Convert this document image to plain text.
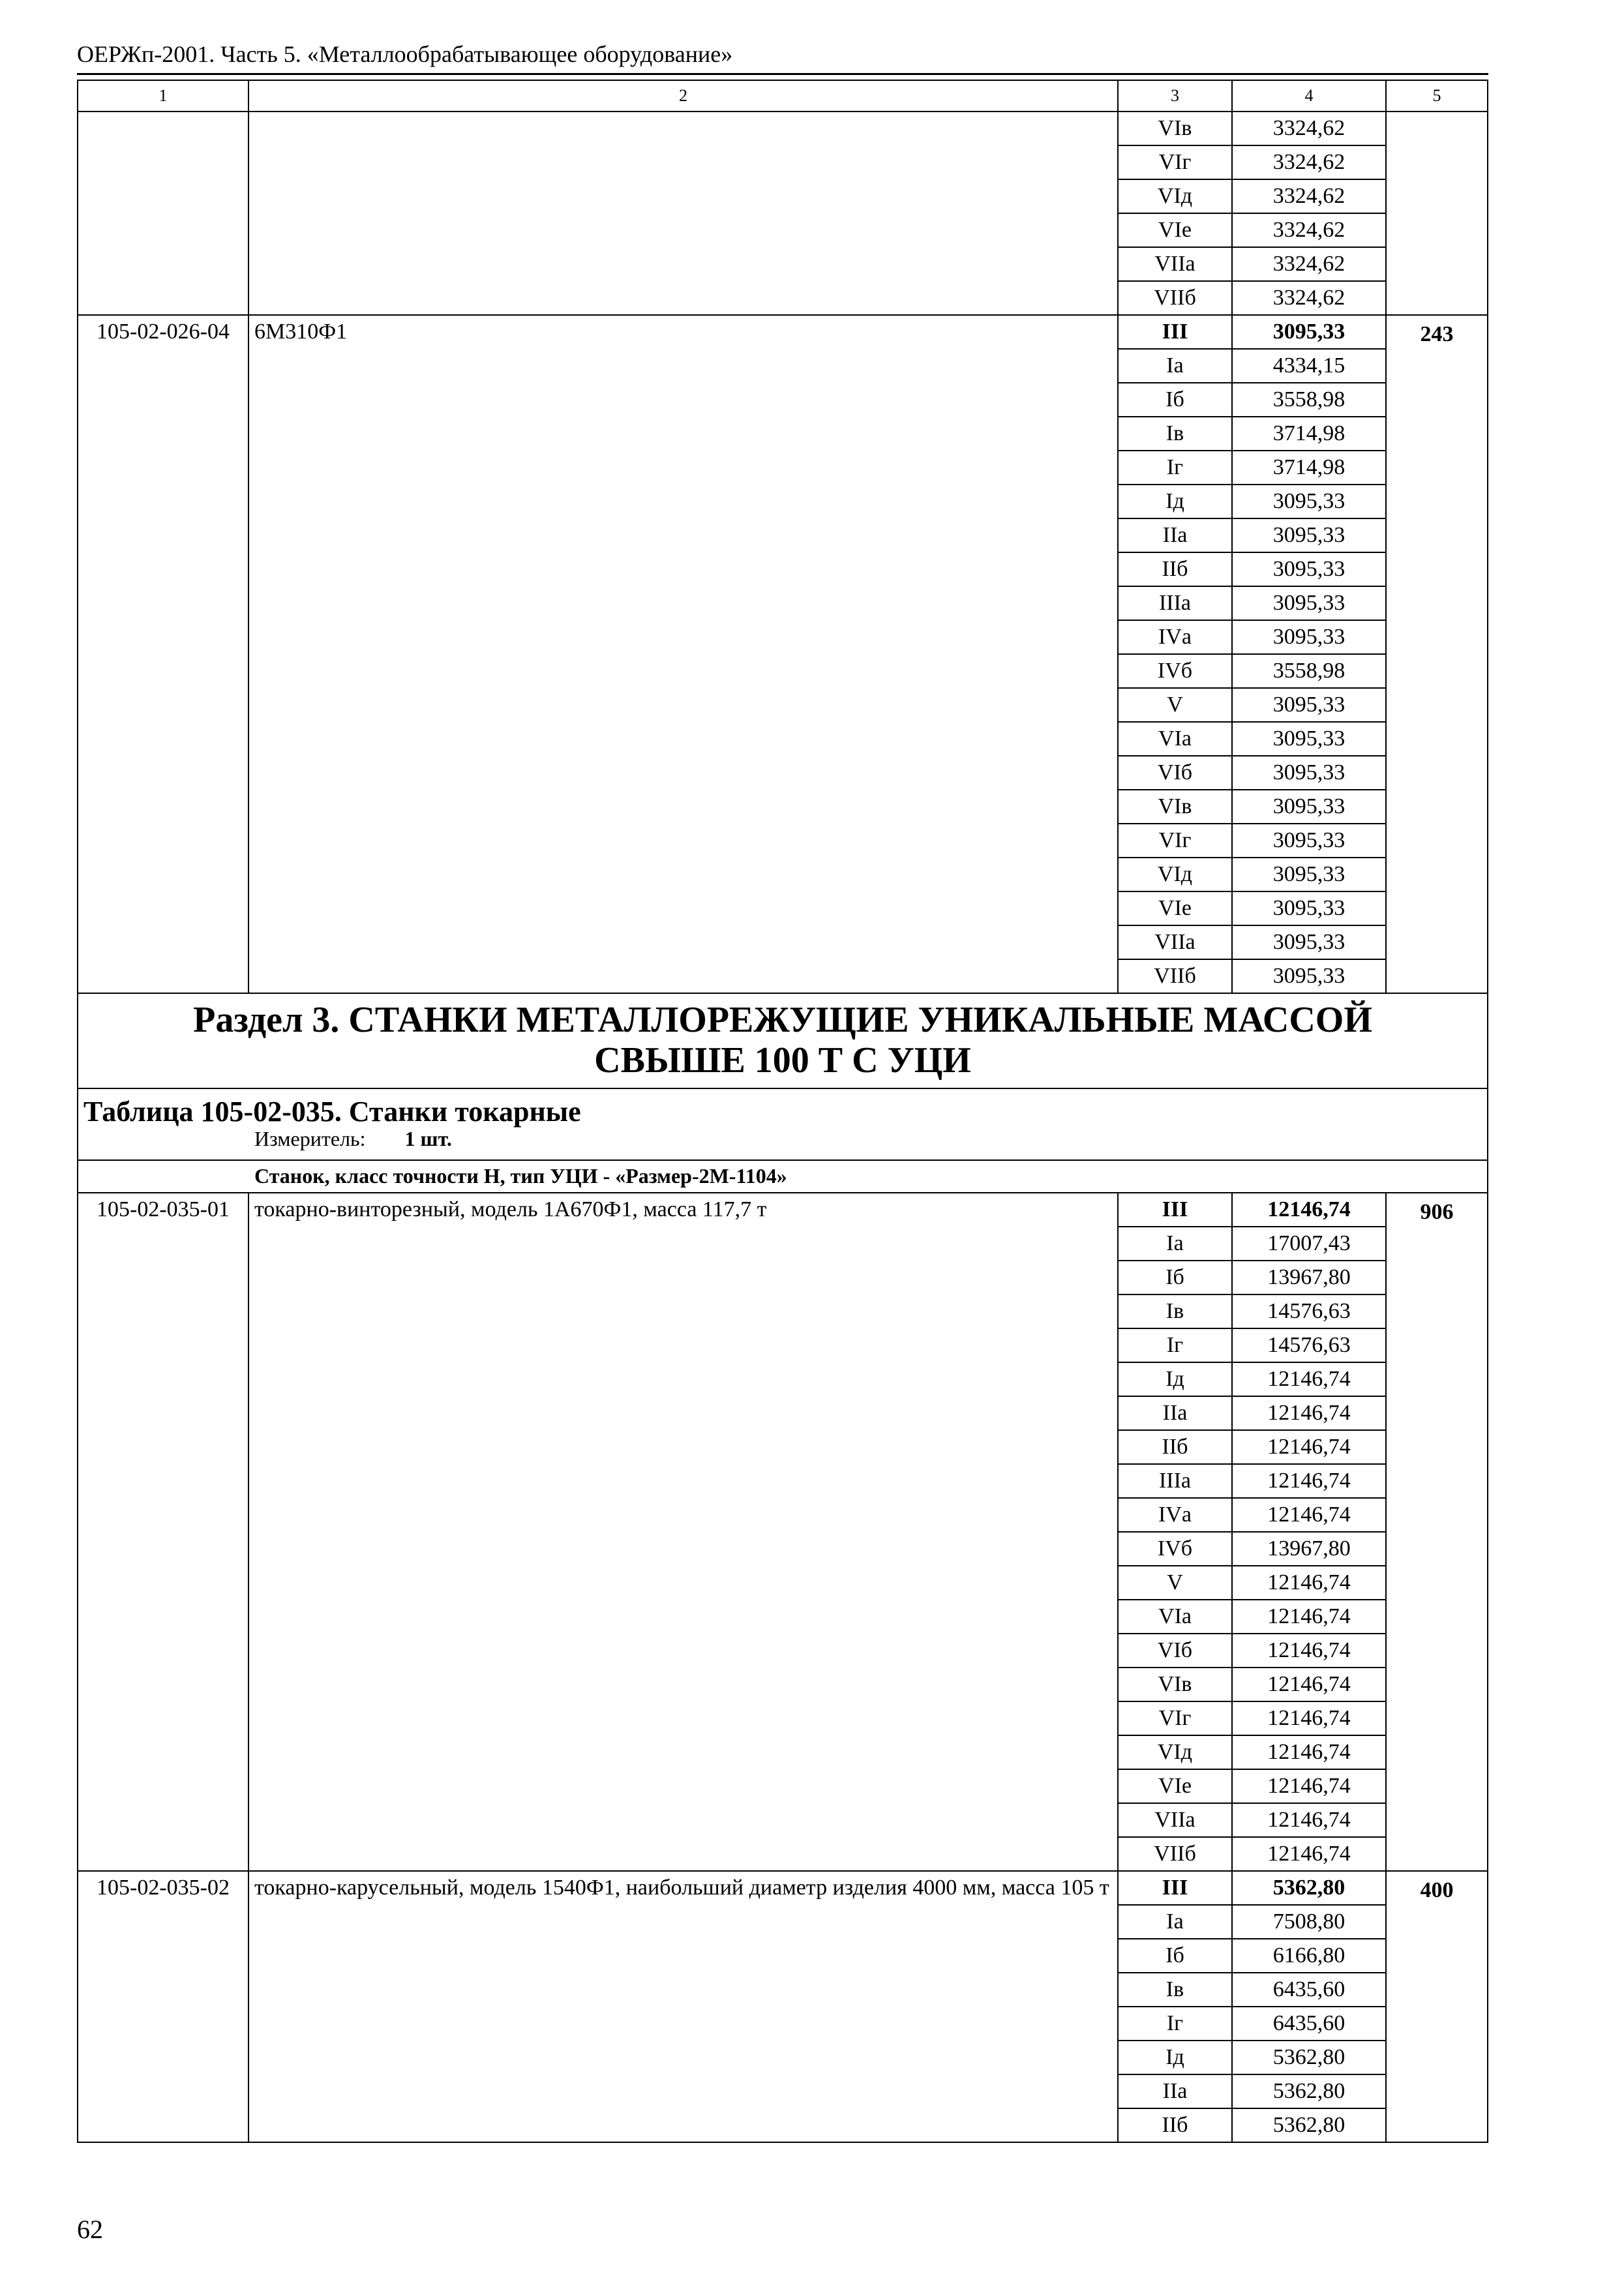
ОЕРЖп-2001. Часть 5. «Металлообрабатывающее оборудование»
1	2	3	4	5
		VIв	3324,62	
		VIг	3324,62	
		VIд	3324,62	
		VIе	3324,62	
		VIIа	3324,62	
		VIIб	3324,62	
105-02-026-04	6М310Ф1	III	3095,33	243
		Iа	4334,15	
		Iб	3558,98	
		Iв	3714,98	
		Iг	3714,98	
		Iд	3095,33	
		IIа	3095,33	
		IIб	3095,33	
		IIIа	3095,33	
		IVа	3095,33	
		IVб	3558,98	
		V	3095,33	
		VIа	3095,33	
		VIб	3095,33	
		VIв	3095,33	
		VIг	3095,33	
		VIд	3095,33	
		VIе	3095,33	
		VIIа	3095,33	
		VIIб	3095,33	

Раздел 3. СТАНКИ МЕТАЛЛОРЕЖУЩИЕ УНИКАЛЬНЫЕ МАССОЙ
СВЫШЕ 100 Т С УЦИ				

Таблица 105-02-035. Станки токарные				
Измеритель: 1 шт.				
Станок, класс точности Н, тип УЦИ - «Размер-2М-1104»				
105-02-035-01	токарно-винторезный, модель 1А670Ф1, масса 117,7 т	III	12146,74	906
		Iа	17007,43	
		Iб	13967,80	
		Iв	14576,63	
		Iг	14576,63	
		Iд	12146,74	
		IIа	12146,74	
		IIб	12146,74	
		IIIа	12146,74	
		IVа	12146,74	
		IVб	13967,80	
		V	12146,74	
		VIа	12146,74	
		VIб	12146,74	
		VIв	12146,74	
		VIг	12146,74	
		VIд	12146,74	
		VIе	12146,74	
		VIIа	12146,74	
		VIIб	12146,74	
105-02-035-02	токарно-карусельный, модель 1540Ф1, наибольший диаметр изделия 4000 мм, масса 105 т	III	5362,80	400
		Iа	7508,80	
		Iб	6166,80	
		Iв	6435,60	
		Iг	6435,60	
		Iд	5362,80	
		IIа	5362,80	
		IIб	5362,80	
62
